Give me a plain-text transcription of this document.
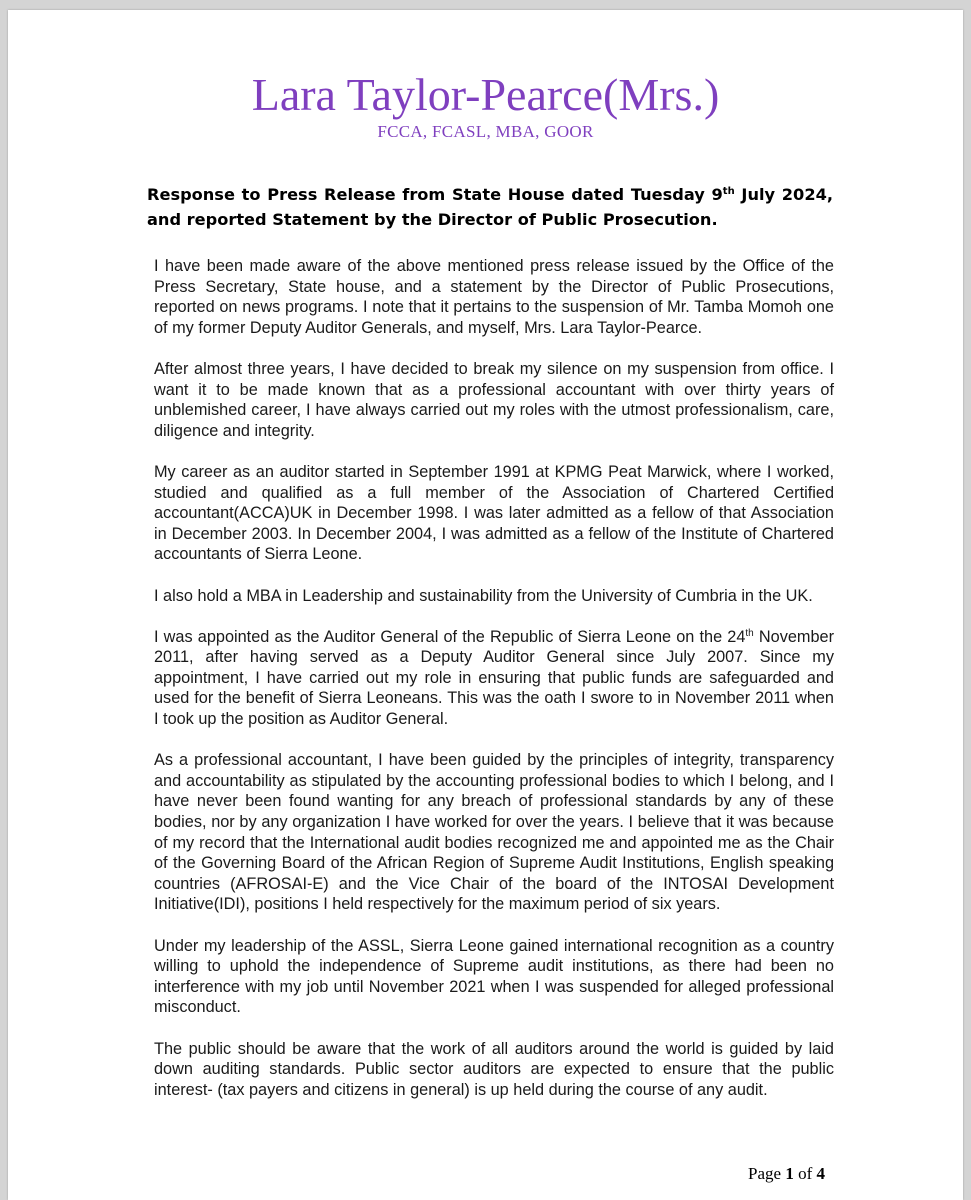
Lara Taylor-Pearce(Mrs.)
FCCA, FCASL, MBA, GOOR

Response to Press Release from State House dated Tuesday 9th July 2024, and reported Statement by the Director of Public Prosecution.

I have been made aware of the above mentioned press release issued by the Office of the Press Secretary, State house, and a statement by the Director of Public Prosecutions, reported on news programs. I note that it pertains to the suspension of Mr. Tamba Momoh one of my former Deputy Auditor Generals, and myself, Mrs. Lara Taylor-Pearce.

After almost three years, I have decided to break my silence on my suspension from office. I want it to be made known that as a professional accountant with over thirty years of unblemished career, I have always carried out my roles with the utmost professionalism, care, diligence and integrity.

My career as an auditor started in September 1991 at KPMG Peat Marwick, where I worked, studied and qualified as a full member of the Association of Chartered Certified accountant(ACCA)UK in December 1998. I was later admitted as a fellow of that Association in December 2003. In December 2004, I was admitted as a fellow of the Institute of Chartered accountants of Sierra Leone.

I also hold a MBA in Leadership and sustainability from the University of Cumbria in the UK.

I was appointed as the Auditor General of the Republic of Sierra Leone on the 24th November 2011, after having served as a Deputy Auditor General since July 2007. Since my appointment, I have carried out my role in ensuring that public funds are safeguarded and used for the benefit of Sierra Leoneans. This was the oath I swore to in November 2011 when I took up the position as Auditor General.

As a professional accountant, I have been guided by the principles of integrity, transparency and accountability as stipulated by the accounting professional bodies to which I belong, and I have never been found wanting for any breach of professional standards by any of these bodies, nor by any organization I have worked for over the years. I believe that it was because of my record that the International audit bodies recognized me and appointed me as the Chair of the Governing Board of the African Region of Supreme Audit Institutions, English speaking countries (AFROSAI-E) and the Vice Chair of the board of the INTOSAI Development Initiative(IDI), positions I held respectively for the maximum period of six years.

Under my leadership of the ASSL, Sierra Leone gained international recognition as a country willing to uphold the independence of Supreme audit institutions, as there had been no interference with my job until November 2021 when I was suspended for alleged professional misconduct.

The public should be aware that the work of all auditors around the world is guided by laid down auditing standards. Public sector auditors are expected to ensure that the public interest- (tax payers and citizens in general) is up held during the course of any audit.

Page 1 of 4
